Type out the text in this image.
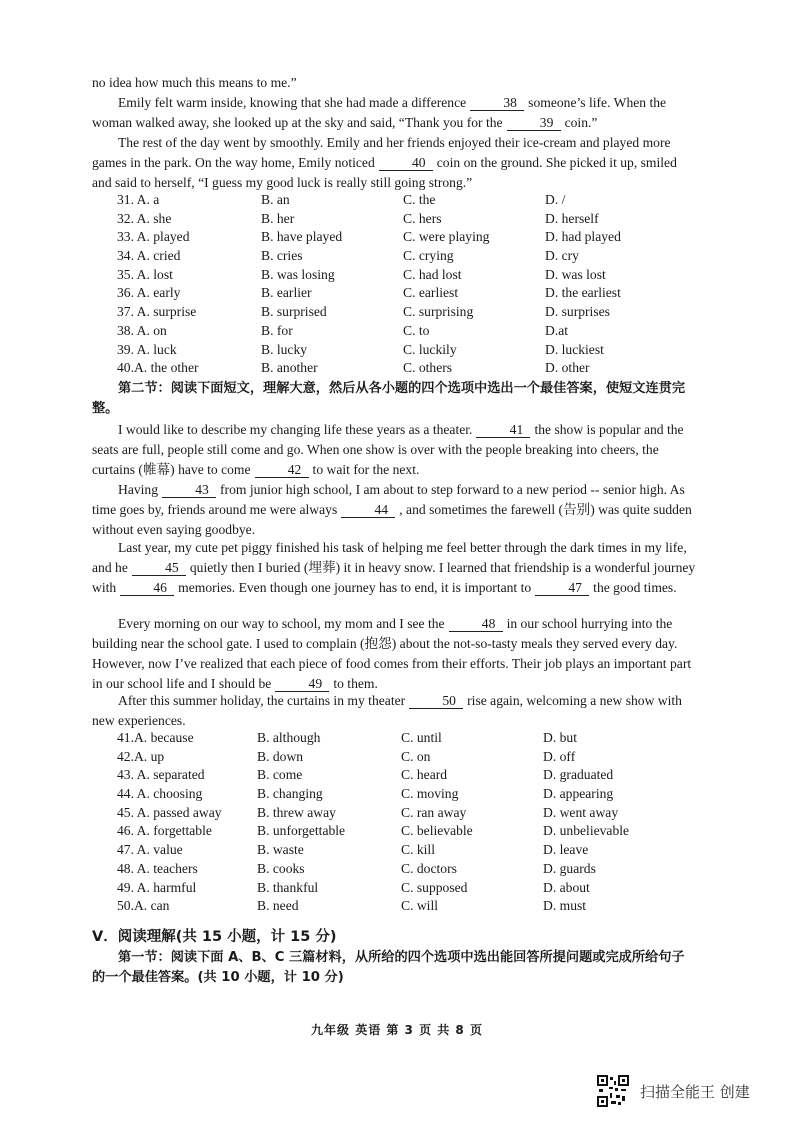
no idea how much this means to me.”

Emily felt warm inside, knowing that she had made a difference	38 someone’s life. When the woman walked away, she looked up at the sky and said, “Thank you for the	39 coin.”

The rest of the day went by smoothly. Emily and her friends enjoyed their ice-cream and played more games in the park. On the way home, Emily noticed	40 coin on the ground. She picked it up, smiled and said to herself, “I guess my good luck is really still going strong.”

31. A. a	B. an	C. the	D. /
32. A. she	B. her	C. hers	D. herself
33. A. played	B. have played	C. were playing	D. had played
34. A. cried	B. cries	C. crying	D. cry
35. A. lost	B. was losing	C. had lost	D. was lost
36. A. early	B. earlier	C. earliest	D. the earliest
37. A. surprise	B. surprised	C. surprising	D. surprises
38. A. on	B. for	C. to	D.at
39. A. luck	B. lucky	C. luckily	D. luckiest
40.A. the other	B. another	C. others	D. other

第二节：阅读下面短文，理解大意，然后从各小题的四个选项中选出一个最佳答案，使短文连贯完整。

I would like to describe my changing life these years as a theater.	41 the show is popular and the seats are full, people still come and go. When one show is over with the people breaking into cheers, the curtains (帷幕) have to come	42 to wait for the next.

Having	43 from junior high school, I am about to step forward to a new period -- senior high. As time goes by, friends around me were always	44 , and sometimes the farewell (告别) was quite sudden without even saying goodbye.

Last year, my cute pet piggy finished his task of helping me feel better through the dark times in my life, and he	45 quietly then I buried (埋葬) it in heavy snow. I learned that friendship is a wonderful journey with	46 memories. Even though one journey has to end, it is important to	47 the good times.

Every morning on our way to school, my mom and I see the	48 in our school hurrying into the building near the school gate. I used to complain (抱怨) about the not-so-tasty meals they served every day. However, now I’ve realized that each piece of food comes from their efforts. Their job plays an important part in our school life and I should be	49 to them.

After this summer holiday, the curtains in my theater	50 rise again, welcoming a new show with new experiences.

41.A. because	B. although	C. until	D. but
42.A. up	B. down	C. on	D. off
43. A. separated	B. come	C. heard	D. graduated
44. A. choosing	B. changing	C. moving	D. appearing
45. A. passed away	B. threw away	C. ran away	D. went away
46. A. forgettable	B. unforgettable	C. believable	D. unbelievable
47. A. value	B. waste	C. kill	D. leave
48. A. teachers	B. cooks	C. doctors	D. guards
49. A. harmful	B. thankful	C. supposed	D. about
50.A. can	B. need	C. will	D. must
V．阅读理解(共 15 小题，计 15 分)

第一节：阅读下面 A、B、C 三篇材料，从所给的四个选项中选出能回答所提问题或完成所给句子的一个最佳答案。(共 10 小题，计 10 分)

九年级 英语 第 3 页 共 8 页
扫描全能王 创建
